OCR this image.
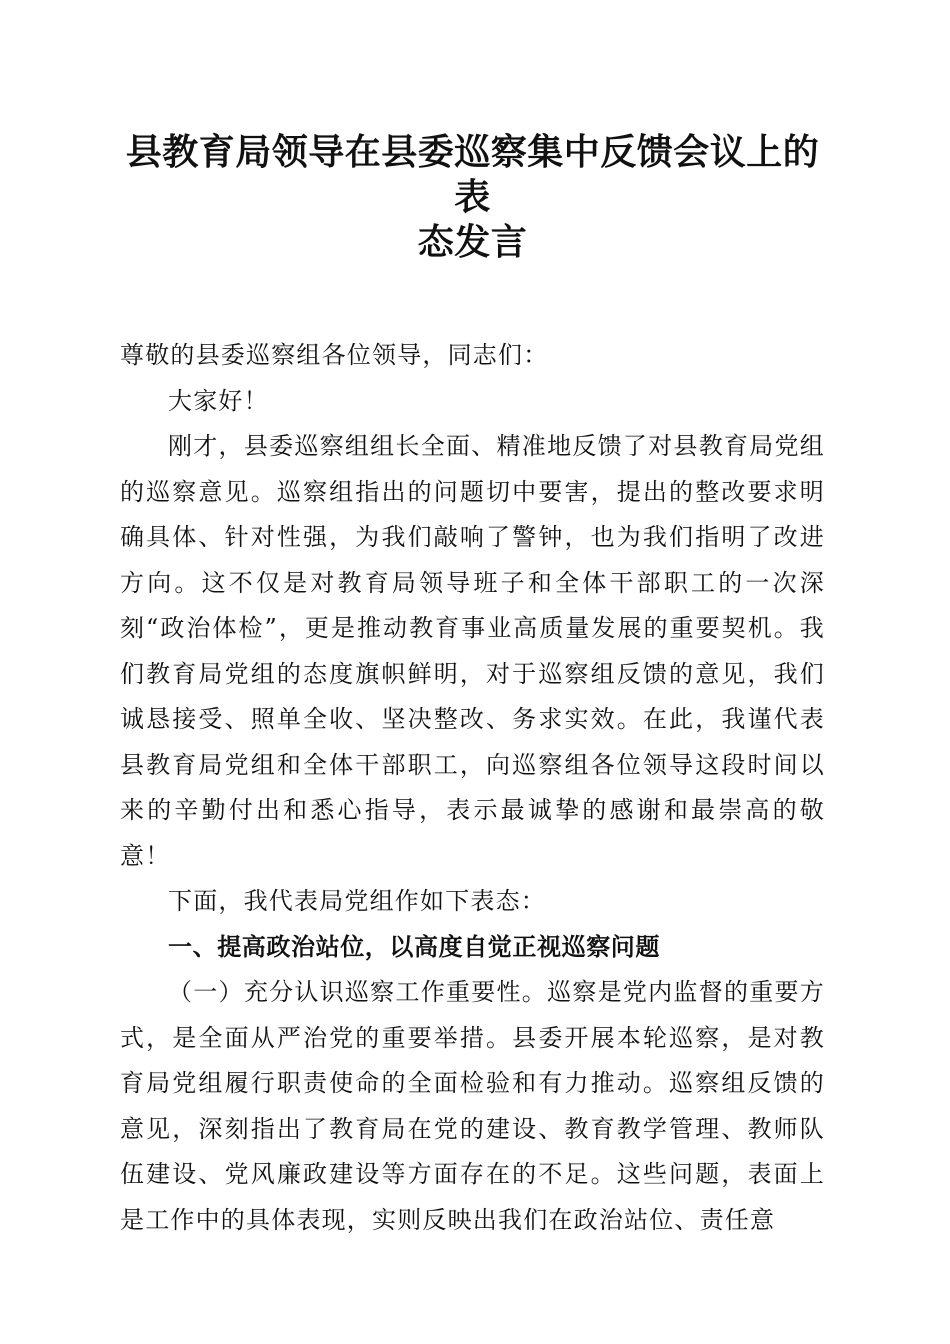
县教育局领导在县委巡察集中反馈会议上的表
态发言

尊敬的县委巡察组各位领导，同志们：

大家好！

刚才，县委巡察组组长全面、精准地反馈了对县教育局党组的巡察意见。巡察组指出的问题切中要害，提出的整改要求明确具体、针对性强，为我们敲响了警钟，也为我们指明了改进方向。这不仅是对教育局领导班子和全体干部职工的一次深刻“政治体检”，更是推动教育事业高质量发展的重要契机。我们教育局党组的态度旗帜鲜明，对于巡察组反馈的意见，我们诚恳接受、照单全收、坚决整改、务求实效。在此，我谨代表县教育局党组和全体干部职工，向巡察组各位领导这段时间以来的辛勤付出和悉心指导，表示最诚挚的感谢和最崇高的敬意！

下面，我代表局党组作如下表态：

一、提高政治站位，以高度自觉正视巡察问题

（一）充分认识巡察工作重要性。巡察是党内监督的重要方式，是全面从严治党的重要举措。县委开展本轮巡察，是对教育局党组履行职责使命的全面检验和有力推动。巡察组反馈的意见，深刻指出了教育局在党的建设、教育教学管理、教师队伍建设、党风廉政建设等方面存在的不足。这些问题，表面上是工作中的具体表现，实则反映出我们在政治站位、责任意
